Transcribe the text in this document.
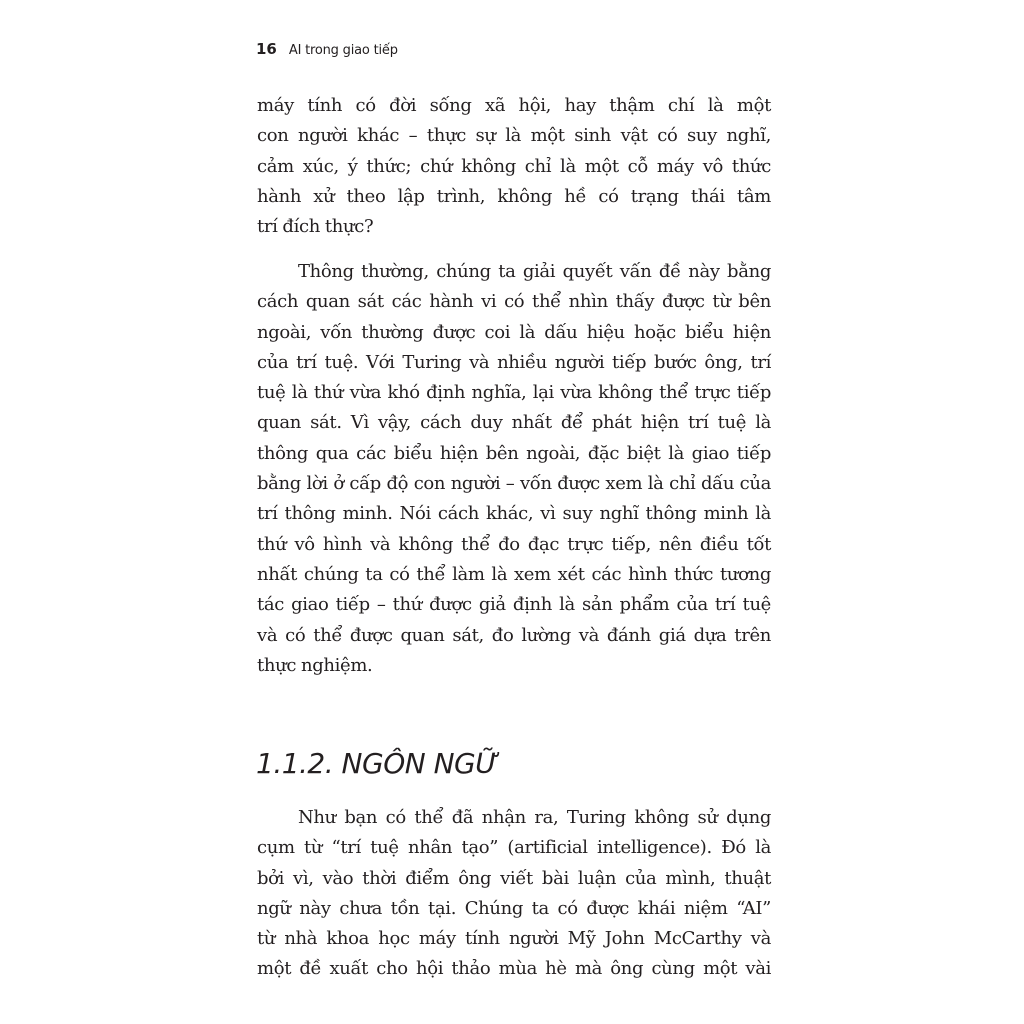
16 AI trong giao tiếp
máy tính có đời sống xã hội, hay thậm chí là một
con người khác – thực sự là một sinh vật có suy nghĩ,
cảm xúc, ý thức; chứ không chỉ là một cỗ máy vô thức
hành xử theo lập trình, không hề có trạng thái tâm
trí đích thực?
Thông thường, chúng ta giải quyết vấn đề này bằng
cách quan sát các hành vi có thể nhìn thấy được từ bên
ngoài, vốn thường được coi là dấu hiệu hoặc biểu hiện
của trí tuệ. Với Turing và nhiều người tiếp bước ông, trí
tuệ là thứ vừa khó định nghĩa, lại vừa không thể trực tiếp
quan sát. Vì vậy, cách duy nhất để phát hiện trí tuệ là
thông qua các biểu hiện bên ngoài, đặc biệt là giao tiếp
bằng lời ở cấp độ con người – vốn được xem là chỉ dấu của
trí thông minh. Nói cách khác, vì suy nghĩ thông minh là
thứ vô hình và không thể đo đạc trực tiếp, nên điều tốt
nhất chúng ta có thể làm là xem xét các hình thức tương
tác giao tiếp – thứ được giả định là sản phẩm của trí tuệ
và có thể được quan sát, đo lường và đánh giá dựa trên
thực nghiệm.
1.1.2. NGÔN NGỮ
Như bạn có thể đã nhận ra, Turing không sử dụng
cụm từ “trí tuệ nhân tạo” (artificial intelligence). Đó là
bởi vì, vào thời điểm ông viết bài luận của mình, thuật
ngữ này chưa tồn tại. Chúng ta có được khái niệm “AI”
từ nhà khoa học máy tính người Mỹ John McCarthy và
một đề xuất cho hội thảo mùa hè mà ông cùng một vài
